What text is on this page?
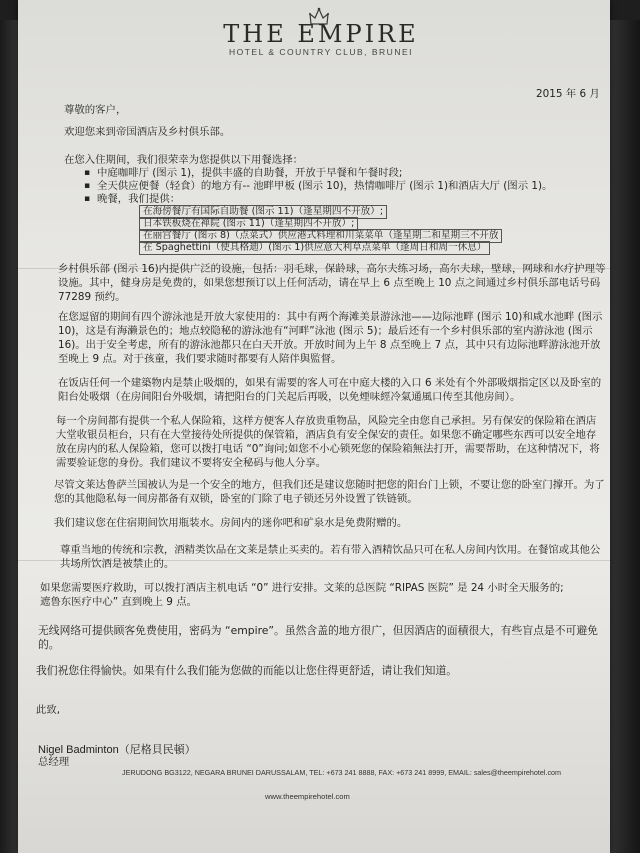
THE EMPIRE
HOTEL & COUNTRY CLUB, BRUNEI
2015 年 6 月
尊敬的客户，
欢迎您来到帝国酒店及乡村俱乐部。
在您入住期间，我们很荣幸为您提供以下用餐选择：
▪ 中庭咖啡厅 (图示 1)，提供丰盛的自助餐，开放于早餐和午餐时段;
▪ 全天供应便餐（轻食）的地方有-- 池畔甲板 (图示 10)，热情咖啡厅 (图示 1)和酒店大厅 (图示 1)。
▪ 晚餐，我们提供：
在海傍餐厅有国际自助餐 (图示 11)（逢星期四不开放）;
日本铁板烧在禅院 (图示 11)（逢星期四不开放）;
在丽宫餐厅 (图示 8)（点菜式）供应港式料理和川菜菜单（逢星期二和星期三不开放
在 Spaghettini（使具格迪）(图示 1)供应意大利草点菜单（逢周日和周一休息）
乡村俱乐部 (图示 16)内提供广泛的设施，包括：羽毛球，保龄球，高尔夫练习场，高尔夫球，壁球，网球和水疗护理等
设施。其中，健身房是免费的，如果您想预订以上任何活动，请在早上 6 点至晚上 10 点之间通过乡村俱乐部电话号码
77289 预约。
在您逗留的期间有四个游泳池是开放大家使用的：其中有两个海滩美景游泳池——边际池畔 (图示 10)和咸水池畔 (图示
10)，这是有海濑景色的；地点较隐秘的游泳池有“河畔”泳池 (图示 5)；最后还有一个乡村俱乐部的室内游泳池 (图示
16)。出于安全考虑，所有的游泳池都只在白天开放。开放时间为上午 8 点至晚上 7 点，其中只有边际池畔游泳池开放
至晚上 9 点。对于孩童，我们要求随时都要有人陪伴與監督。
在饭店任何一个建築物内是禁止吸烟的，如果有需要的客人可在中庭大楼的入口 6 米处有个外部吸烟指定区以及卧室的
阳台处吸烟（在房间阳台外吸烟，请把阳台的门关起后再吸，以免煙味經冷氣通風口传至其他房间）。
每一个房间都有提供一个私人保险箱，这样方便客人存放贵重物品，风险完全由您自己承担。另有保安的保险箱在酒店
大堂收银员柜台，只有在大堂接待处所提供的保管箱，酒店負有安全保安的责任。如果您不确定哪些东西可以安全地存
放在房内的私人保险箱，您可以拨打电话 “0”询问;如您不小心锁死您的保险箱無法打开，需要帮助，在这种情况下，将
需要验证您的身份。我们建议不要将安全秘码与他人分享。
尽管文莱达鲁萨兰国被认为是一个安全的地方，但我们还是建议您随时把您的阳台门上锁，不要让您的卧室门撑开。为了
您的其他隐私每一间房都备有双锁，卧室的门除了电子锁还另外设置了铁链锁。
我们建议您在住宿期间饮用瓶装水。房间内的迷你吧和矿泉水是免费附赠的。
尊重当地的传统和宗教，酒精类饮品在文莱是禁止买卖的。若有带入酒精饮品只可在私人房间内饮用。在餐馆或其他公
共场所饮酒是被禁止的。
如果您需要医疗救助，可以拨打酒店主机电话 “0” 进行安排。文莱的总医院 “RIPAS 医院” 是 24 小时全天服务的;
遮鲁东医疗中心” 直到晚上 9 点。
无线网络可提供顾客免费使用，密码为 “empire”。虽然含盖的地方很广，但因酒店的面積很大，有些盲点是不可避免
的。
我们祝您住得愉快。如果有什么我们能为您做的而能以让您住得更舒适，请让我们知道。
此致,
Nigel Badminton（尼格貝民頓）
总经理
JERUDONG BG3122, NEGARA BRUNEI DARUSSALAM, TEL: +673 241 8888, FAX: +673 241 8999, EMAIL: sales@theempirehotel.com
www.theempirehotel.com
